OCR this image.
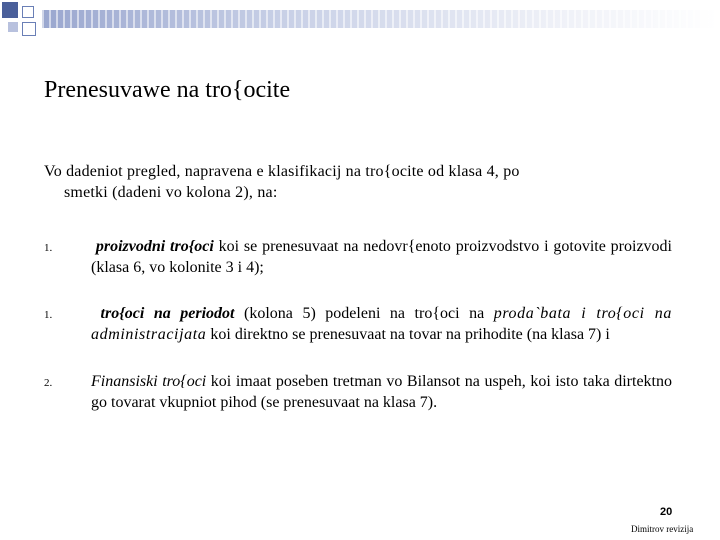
Prenesuvawe na tro{ocite
Vo dadeniot pregled, napravena e klasifikacij na tro{ocite od klasa 4, po
smetki (dadeni vo kolona 2), na:
1.	proizvodni tro{oci koi se prenesuvaat na nedovr{enoto proizvodstvo i gotovite proizvodi (klasa 6, vo kolonite 3 i 4);
1.	tro{oci na periodot (kolona 5) podeleni na tro{oci na proda`bata i tro{oci na administracijata koi direktno se prenesuvaat na tovar na prihodite (na klasa 7) i
2. Finansiski tro{oci koi imaat poseben tretman vo Bilansot na uspeh, koi isto taka dirtektno go tovarat vkupniot pihod (se prenesuvaat na klasa 7).
20
Dimitrov revizija
